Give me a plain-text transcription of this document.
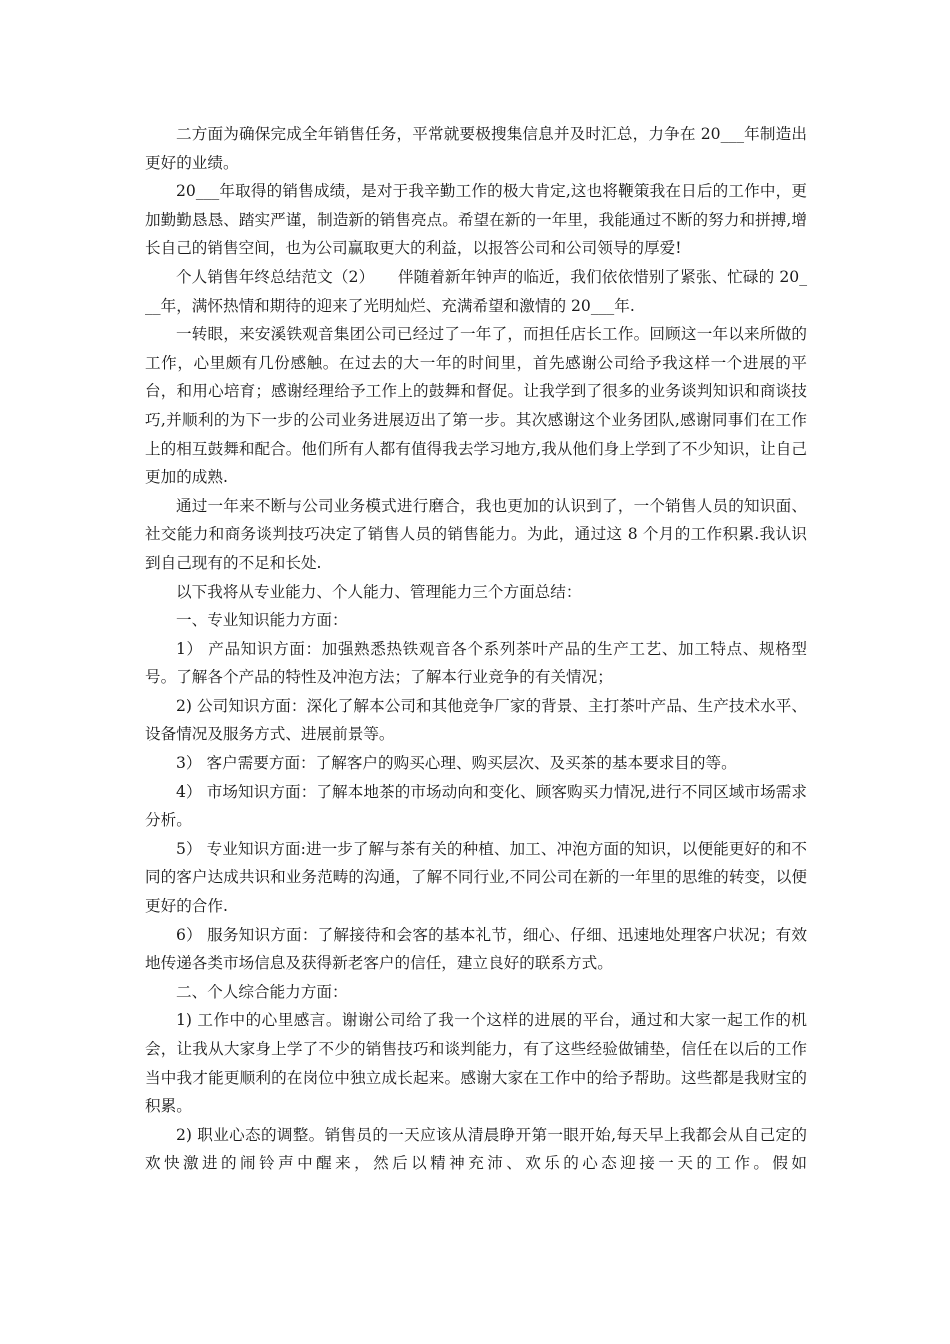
二方面为确保完成全年销售任务，平常就要极搜集信息并及时汇总，力争在 20___年制造出更好的业绩。

20___年取得的销售成绩，是对于我辛勤工作的极大肯定,这也将鞭策我在日后的工作中，更加勤勤恳恳、踏实严谨，制造新的销售亮点。希望在新的一年里，我能通过不断的努力和拼搏,增长自己的销售空间，也为公司赢取更大的利益，以报答公司和公司领导的厚爱!

个人销售年终总结范文（2）　　伴随着新年钟声的临近，我们依依惜别了紧张、忙碌的 20___年，满怀热情和期待的迎来了光明灿烂、充满希望和激情的 20___年.

一转眼，来安溪铁观音集团公司已经过了一年了，而担任店长工作。回顾这一年以来所做的工作，心里颇有几份感触。在过去的大一年的时间里，首先感谢公司给予我这样一个进展的平台，和用心培育；感谢经理给予工作上的鼓舞和督促。让我学到了很多的业务谈判知识和商谈技巧,并顺利的为下一步的公司业务进展迈出了第一步。其次感谢这个业务团队,感谢同事们在工作上的相互鼓舞和配合。他们所有人都有值得我去学习地方,我从他们身上学到了不少知识，让自己更加的成熟.

通过一年来不断与公司业务模式进行磨合，我也更加的认识到了，一个销售人员的知识面、社交能力和商务谈判技巧决定了销售人员的销售能力。为此，通过这 8 个月的工作积累.我认识到自己现有的不足和长处.

以下我将从专业能力、个人能力、管理能力三个方面总结：

一、专业知识能力方面：

1） 产品知识方面：加强熟悉热铁观音各个系列茶叶产品的生产工艺、加工特点、规格型号。了解各个产品的特性及冲泡方法；了解本行业竞争的有关情况；

2) 公司知识方面：深化了解本公司和其他竞争厂家的背景、主打茶叶产品、生产技术水平、设备情况及服务方式、进展前景等。

3） 客户需要方面：了解客户的购买心理、购买层次、及买茶的基本要求目的等。

4） 市场知识方面：了解本地茶的市场动向和变化、顾客购买力情况,进行不同区域市场需求分析。

5） 专业知识方面:进一步了解与茶有关的种植、加工、冲泡方面的知识，以便能更好的和不同的客户达成共识和业务范畴的沟通，了解不同行业,不同公司在新的一年里的思维的转变，以便更好的合作.

6） 服务知识方面：了解接待和会客的基本礼节，细心、仔细、迅速地处理客户状况；有效地传递各类市场信息及获得新老客户的信任，建立良好的联系方式。

二、个人综合能力方面：

1) 工作中的心里感言。谢谢公司给了我一个这样的进展的平台，通过和大家一起工作的机会，让我从大家身上学了不少的销售技巧和谈判能力，有了这些经验做铺垫，信任在以后的工作当中我才能更顺利的在岗位中独立成长起来。感谢大家在工作中的给予帮助。这些都是我财宝的积累。

2) 职业心态的调整。销售员的一天应该从清晨睁开第一眼开始,每天早上我都会从自己定的欢快激进的闹铃声中醒来，然后以精神充沛、欢乐的心态迎接一天的工作。假如
